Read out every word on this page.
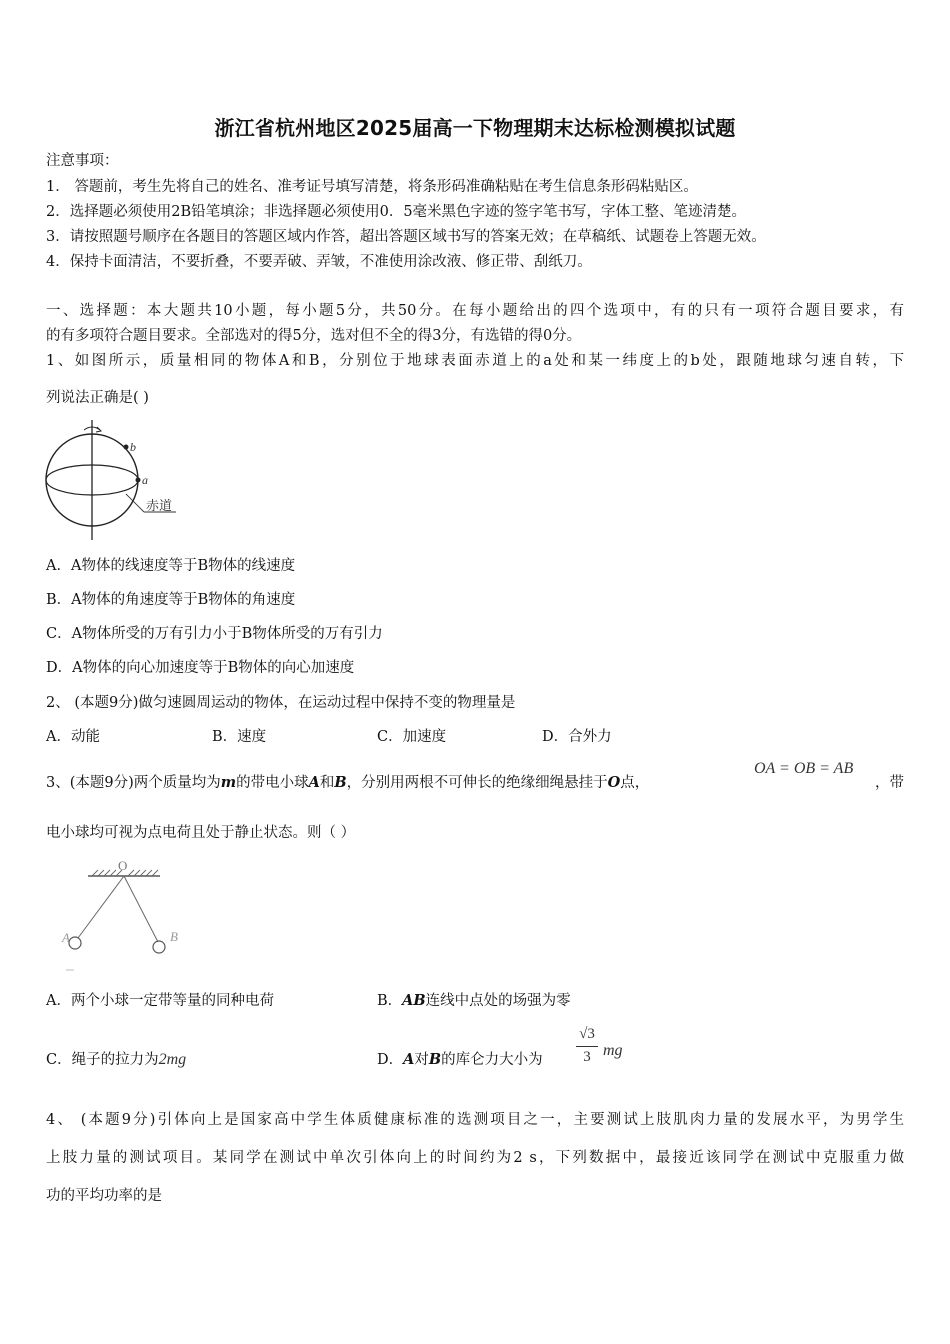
浙江省杭州地区2025届高一下物理期末达标检测模拟试题
注意事项：
1． 答题前，考生先将自己的姓名、准考证号填写清楚，将条形码准确粘贴在考生信息条形码粘贴区。
2．选择题必须使用2B铅笔填涂；非选择题必须使用0．5毫米黑色字迹的签字笔书写，字体工整、笔迹清楚。
3．请按照题号顺序在各题目的答题区域内作答，超出答题区域书写的答案无效；在草稿纸、试题卷上答题无效。
4．保持卡面清洁，不要折叠，不要弄破、弄皱，不准使用涂改液、修正带、刮纸刀。
一、选择题：本大题共10小题，每小题5分，共50分。在每小题给出的四个选项中，有的只有一项符合题目要求，有
的有多项符合题目要求。全部选对的得5分，选对但不全的得3分，有选错的得0分。
1、如图所示，质量相同的物体A和B，分别位于地球表面赤道上的a处和某一纬度上的b处，跟随地球匀速自转，下
列说法正确是( )
b
a
赤道
A．A物体的线速度等于B物体的线速度
B．A物体的角速度等于B物体的角速度
C．A物体所受的万有引力小于B物体所受的万有引力
D．A物体的向心加速度等于B物体的向心加速度
2、 (本题9分)做匀速圆周运动的物体，在运动过程中保持不变的物理量是
A．动能	B．速度	C．加速度	D．合外力
3、(本题9分)两个质量均为m的带电小球A和B，分别用两根不可伸长的绝缘细绳悬挂于O点，
OA = OB = AB
，带
电小球均可视为点电荷且处于静止状态。则（ ）
O
A	B
A．两个小球一定带等量的同种电荷	B．AB连线中点处的场强为零
C．绳子的拉力为2mg	D．A对B的库仑力大小为
√3
3 mg
4、 (本题9分)引体向上是国家高中学生体质健康标准的选测项目之一，主要测试上肢肌肉力量的发展水平，为男学生
上肢力量的测试项目。某同学在测试中单次引体向上的时间约为2 s，下列数据中，最接近该同学在测试中克服重力做
功的平均功率的是
